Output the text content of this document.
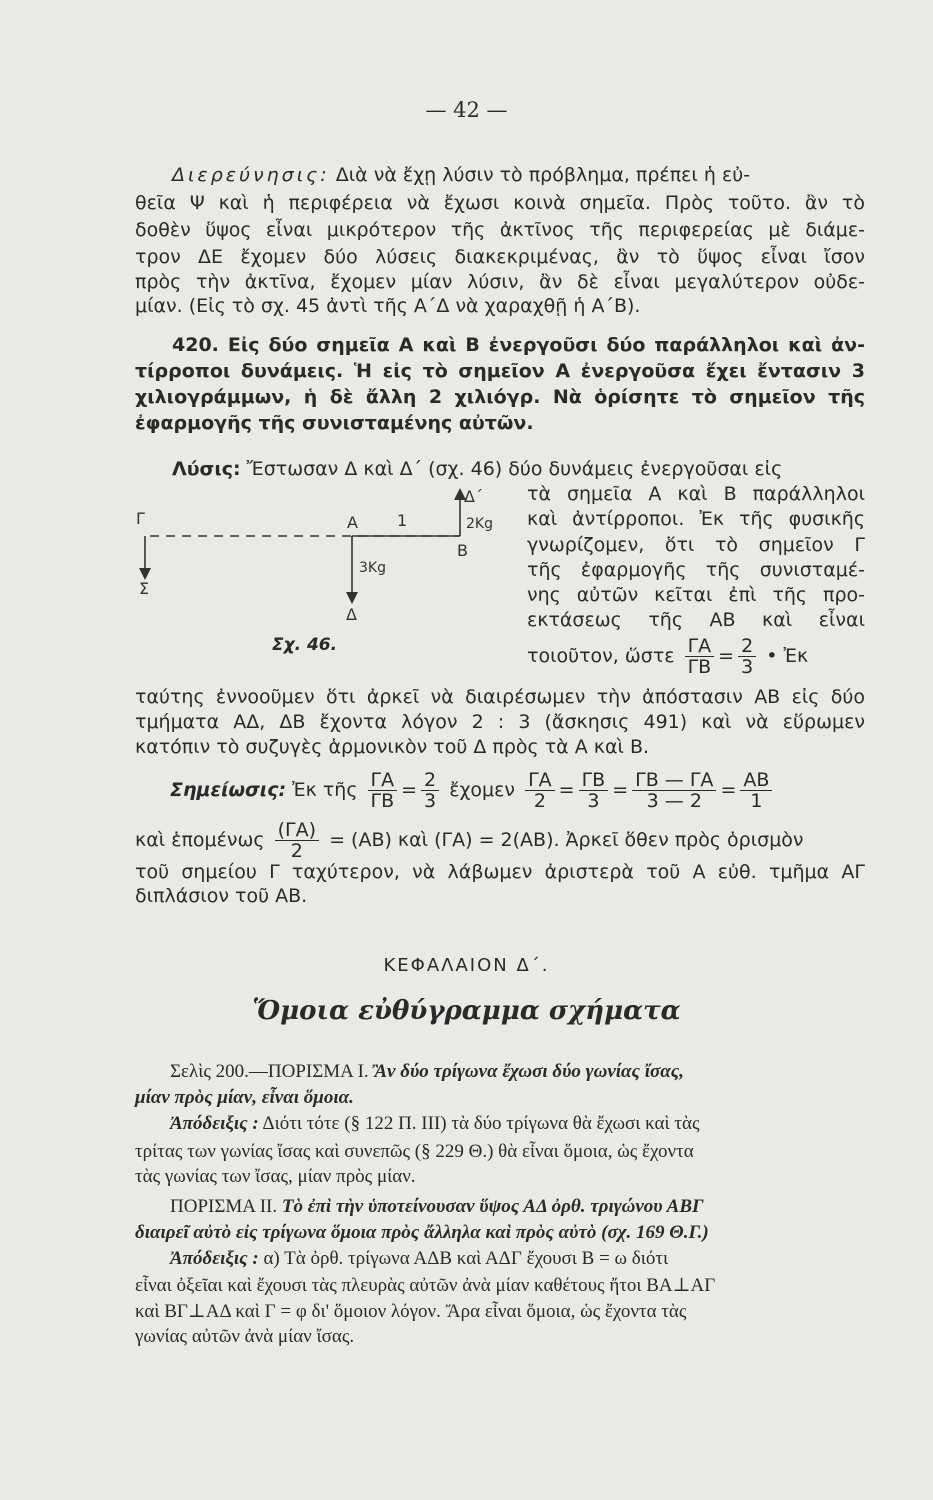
— 42 —
Διερεύνησις: Διὰ νὰ ἔχῃ λύσιν τὸ πρόβλημα, πρέπει ἡ εὐ-
θεῖα Ψ καὶ ἡ περιφέρεια νὰ ἔχωσι κοινὰ σημεῖα. Πρὸς τοῦτο. ἂν τὸ
δοθὲν ὕψος εἶναι μικρότερον τῆς ἀκτῖνος τῆς περιφερείας μὲ διάμε-
τρον ΔΕ ἔχομεν δύο λύσεις διακεκριμένας, ἂν τὸ ὕψος εἶναι ἴσον
πρὸς τὴν ἀκτῖνα, ἔχομεν μίαν λύσιν, ἂν δὲ εἶναι μεγαλύτερον οὐδε-
μίαν. (Εἰς τὸ σχ. 45 ἀντὶ τῆς Α΄Δ νὰ χαραχθῇ ἡ Α΄Β).
420. Εἰς δύο σημεῖα Α καὶ Β ἐνεργοῦσι δύο παράλληλοι καὶ ἀν-
τίρροποι δυνάμεις. Ἡ εἰς τὸ σημεῖον Α ἐνεργοῦσα ἔχει ἔντασιν 3
χιλιογράμμων, ἡ δὲ ἄλλη 2 χιλιόγρ. Νὰ ὁρίσητε τὸ σημεῖον τῆς
ἐφαρμογῆς τῆς συνισταμένης αὐτῶν.
Λύσις: Ἔστωσαν Δ καὶ Δ΄ (σχ. 46) δύο δυνάμεις ἐνεργοῦσαι εἰς
τὰ σημεῖα Α καὶ Β παράλληλοι
καὶ ἀντίρροποι. Ἐκ τῆς φυσικῆς
γνωρίζομεν, ὅτι τὸ σημεῖον Γ
τῆς ἐφαρμογῆς τῆς συνισταμέ-
νης αὐτῶν κεῖται ἐπὶ τῆς προ-
εκτάσεως τῆς ΑΒ καὶ εἶναι
τοιοῦτον, ὥστε $\frac{\Gamma A}{\Gamma B} = \frac{2}{3}$ • Ἐκ
ταύτης ἐννοοῦμεν ὅτι ἀρκεῖ νὰ διαιρέσωμεν τὴν ἀπόστασιν ΑΒ εἰς δύο
τμήματα ΑΔ, ΔΒ ἔχοντα λόγον 2 : 3 (ἄσκησις 491) καὶ νὰ εὕρωμεν
κατόπιν τὸ συζυγὲς ἁρμονικὸν τοῦ Δ πρὸς τὰ Α καὶ Β.
Γ
Σ
Α 1
Δ΄
2Kg
Β
3Kg
Δ
Σχ. 46.
Σημείωσις: Ἐκ τῆς $\frac{\Gamma A}{\Gamma B} = \frac{2}{3}$ ἔχομεν $\frac{\Gamma A}{2} = \frac{\Gamma B}{3} = \frac{\Gamma B — \Gamma A}{3 — 2} = \frac{AB}{1}$
καὶ ἑπομένως $\frac{(\Gamma A)}{2} = (AB)$ καὶ (ΓΑ) = 2(ΑΒ). Ἀρκεῖ ὅθεν πρὸς ὁρισμὸν
τοῦ σημείου Γ ταχύτερον, νὰ λάβωμεν ἀριστερὰ τοῦ Α εὐθ. τμῆμα ΑΓ
διπλάσιον τοῦ ΑΒ.
ΚΕΦΑΛΑΙΟΝ Δ΄.
Ὅμοια εὐθύγραμμα σχήματα
Σελὶς 200.—ΠΟΡΙΣΜΑ Ι. Ἂν δύο τρίγωνα ἔχωσι δύο γωνίας ἴσας,
μίαν πρὸς μίαν, εἶναι ὅμοια.
Ἀπόδειξις : Διότι τότε (§ 122 Π. ΙΙΙ) τὰ δύο τρίγωνα θὰ ἔχωσι καὶ τὰς
τρίτας των γωνίας ἴσας καὶ συνεπῶς (§ 229 Θ.) θὰ εἶναι ὅμοια, ὡς ἔχοντα
τὰς γωνίας των ἴσας, μίαν πρὸς μίαν.
ΠΟΡΙΣΜΑ ΙΙ. Τὸ ἐπὶ τὴν ὑποτείνουσαν ὕψος ΑΔ ὀρθ. τριγώνου ΑΒΓ
διαιρεῖ αὐτὸ εἰς τρίγωνα ὅμοια πρὸς ἄλληλα καὶ πρὸς αὐτὸ (σχ. 169 Θ.Γ.)
Ἀπόδειξις : α) Τὰ ὀρθ. τρίγωνα ΑΔΒ καὶ ΑΔΓ ἔχουσι Β = ω διότι
εἶναι ὀξεῖαι καὶ ἔχουσι τὰς πλευρὰς αὐτῶν ἀνὰ μίαν καθέτους ἤτοι ΒΑ⊥ΑΓ
καὶ ΒΓ⊥ΑΔ καὶ Γ = φ δι' ὅμοιον λόγον. Ἄρα εἶναι ὅμοια, ὡς ἔχοντα τὰς
γωνίας αὐτῶν ἀνὰ μίαν ἴσας.
